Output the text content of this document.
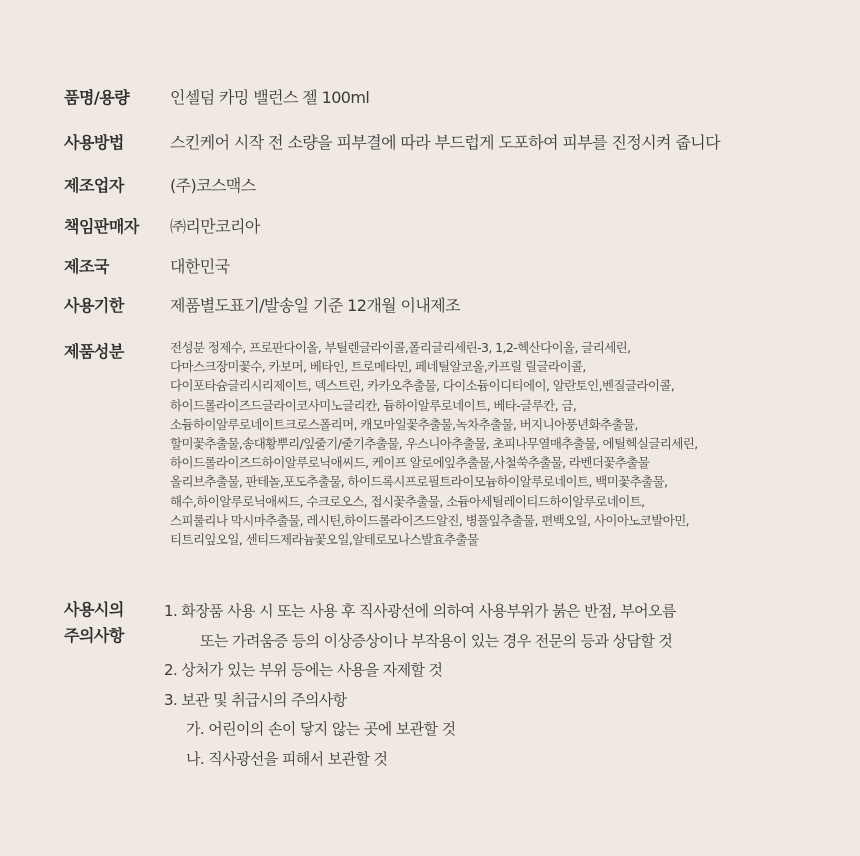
품명/용량	인셀덤 카밍 밸런스 젤 100ml
사용방법	스킨케어 시작 전 소량을 피부결에 따라 부드럽게 도포하여 피부를 진정시켜 줍니다
제조업자	(주)코스맥스
책임판매자 ㈜리만코리아
제조국	대한민국
사용기한	제품별도표기/발송일 기준 12개월 이내제조
제품성분	전성분 정제수, 프로판다이올, 부틸렌글라이콜,폴리글리세린-3, 1,2-헥산다이올, 글리세린,
다마스크장미꽃수, 카보머, 베타인, 트로메타민, 페네틸알코올,카프릴 릴글라이콜,
다이포타슘글리시리제이트, 덱스트린, 카카오추출물, 다이소듐이디티에이, 알란토인,벤질글라이콜,
하이드롤라이즈드글라이코사미노글리칸, 듐하이알루로네이트, 베타-글루칸, 금,
소듐하이알루로네이트크로스폴리머, 캐모마일꽃추출물,녹차추출물, 버지니아풍년화추출물,
할미꽃추출물,송대황뿌리/잎줄기/줄기추출물, 우스니아추출물, 초피나무열매추출물, 에틸헥실글리세린,
하이드롤라이즈드하이알루로닉애씨드, 케이프 알로에잎추출물,사철쑥추출물, 라벤더꽃추출물
올리브추출물, 판테놀,포도추출물, 하이드록시프로필트라이모늄하이알루로네이트, 백미꽃추출물,
해수,하이알루로닉애씨드, 수크로오스, 접시꽃추출물, 소듐아세틸레이티드하이알루로네이트,
스피룰리나 막시마추출물, 레시틴,하이드롤라이즈드알진, 병풀잎추출물, 편백오일, 사이아노코발아민,
티트리잎오일, 센티드제라늄꽃오일,알테로모나스발효추출물
사용시의
주의사항
1. 화장품 사용 시 또는 사용 후 직사광선에 의하여 사용부위가 붉은 반점, 부어오름
또는 가려움증 등의 이상증상이나 부작용이 있는 경우 전문의 등과 상담할 것
2. 상처가 있는 부위 등에는 사용을 자제할 것
3. 보관 및 취급시의 주의사항
가. 어린이의 손이 닿지 않는 곳에 보관할 것
나. 직사광선을 피해서 보관할 것
